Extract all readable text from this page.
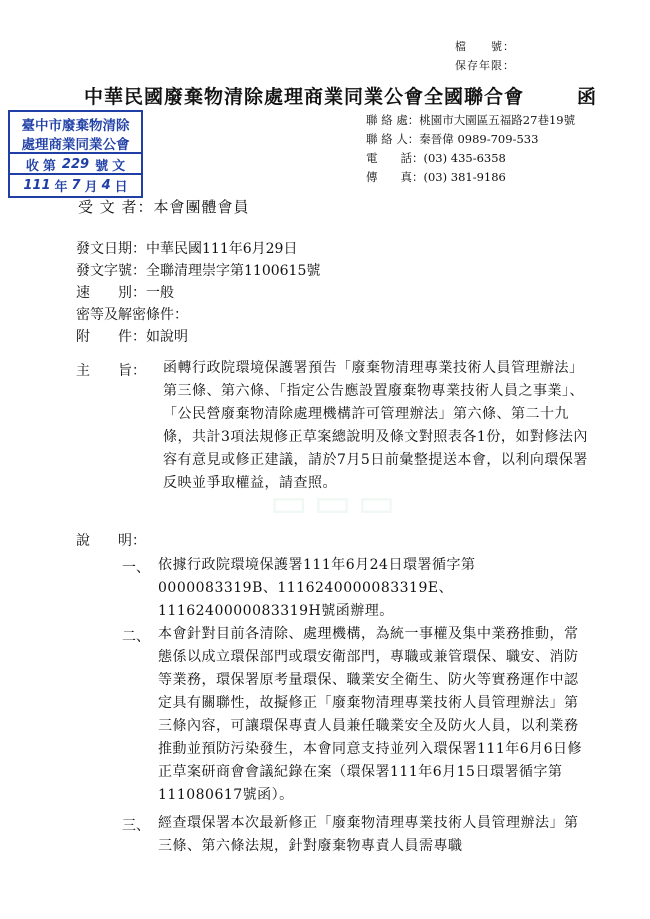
檔　　號：
保存年限：
中華民國廢棄物清除處理商業同業公會全國聯合會	函
聯 絡 處：桃園市大園區五福路27巷19號
聯 絡 人：秦晉偉 0989-709-533
電　　話：(03) 435-6358
傳　　真：(03) 381-9186
臺中市廢棄物清除
處理商業同業公會
收 第 229 號 文
111 年 7 月 4 日
受 文 者：本會團體會員
發文日期：中華民國111年6月29日
發文字號：全聯清理崇字第1100615號
速　　別：一般
密等及解密條件：
附　　件：如說明
主　　旨： 函轉行政院環境保護署預告「廢棄物清理專業技術人員管理辦法」第三條、第六條、「指定公告應設置廢棄物專業技術人員之事業」、「公民營廢棄物清除處理機構許可管理辦法」第六條、第二十九條，共計3項法規修正草案總說明及條文對照表各1份，如對修法內容有意見或修正建議，請於7月5日前彙整提送本會，以利向環保署反映並爭取權益，請查照。
▭▭▭
說　　明：
一、 依據行政院環境保護署111年6月24日環署循字第0000083319B、1116240000083319E、1116240000083319H號函辦理。
二、 本會針對目前各清除、處理機構，為統一事權及集中業務推動，常態係以成立環保部門或環安衛部門，專職或兼管環保、職安、消防等業務，環保署原考量環保、職業安全衛生、防火等實務運作中認定具有關聯性，故擬修正「廢棄物清理專業技術人員管理辦法」第三條內容，可讓環保專責人員兼任職業安全及防火人員，以利業務推動並預防污染發生，本會同意支持並列入環保署111年6月6日修正草案研商會會議紀錄在案（環保署111年6月15日環署循字第111080617號函）。
三、 經查環保署本次最新修正「廢棄物清理專業技術人員管理辦法」第三條、第六條法規，針對廢棄物專責人員需專職
